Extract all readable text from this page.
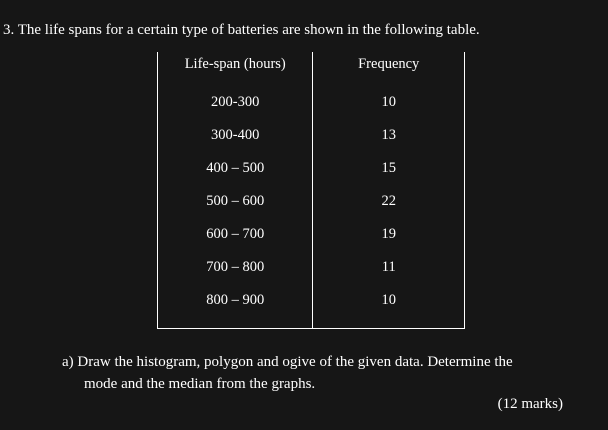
3. The life spans for a certain type of batteries are shown in the following table.

Life-span (hours)	Frequency
200-300	10
300-400	13
400 – 500	15
500 – 600	22
600 – 700	19
700 – 800	11
800 – 900	10
a) Draw the histogram, polygon and ogive of the given data. Determine the
mode and the median from the graphs.

(12 marks)
